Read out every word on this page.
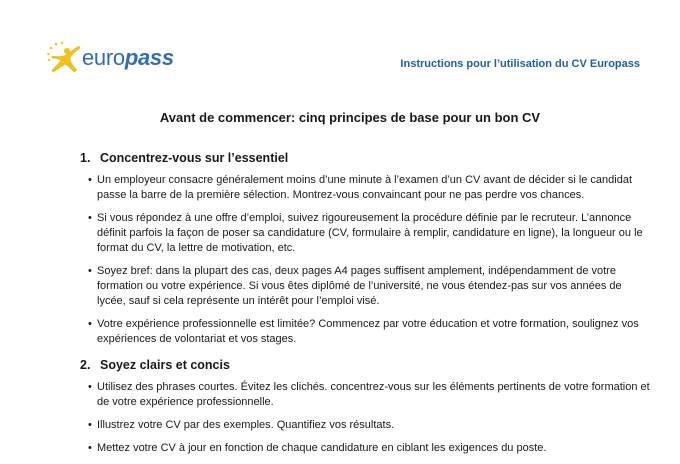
europass	Instructions pour l’utilisation du CV Europass
Avant de commencer: cinq principes de base pour un bon CV
1. Concentrez-vous sur l’essentiel
• Un employeur consacre généralement moins d’une minute à l’examen d’un CV avant de décider si le candidat passe la barre de la première sélection. Montrez-vous convaincant pour ne pas perdre vos chances.
• Si vous répondez à une offre d’emploi, suivez rigoureusement la procédure définie par le recruteur. L’annonce définit parfois la façon de poser sa candidature (CV, formulaire à remplir, candidature en ligne), la longueur ou le format du CV, la lettre de motivation, etc.
• Soyez bref: dans la plupart des cas, deux pages A4 pages suffisent amplement, indépendamment de votre formation ou votre expérience. Si vous êtes diplômé de l’université, ne vous étendez-pas sur vos années de lycée, sauf si cela représente un intérêt pour l’emploi visé.
• Votre expérience professionnelle est limitée? Commencez par votre éducation et votre formation, soulignez vos expériences de volontariat et vos stages.
2. Soyez clairs et concis
• Utilisez des phrases courtes. Évitez les clichés. concentrez-vous sur les éléments pertinents de votre formation et de votre expérience professionnelle.
• Illustrez votre CV par des exemples. Quantifiez vos résultats.
• Mettez votre CV à jour en fonction de chaque candidature en ciblant les exigences du poste.
